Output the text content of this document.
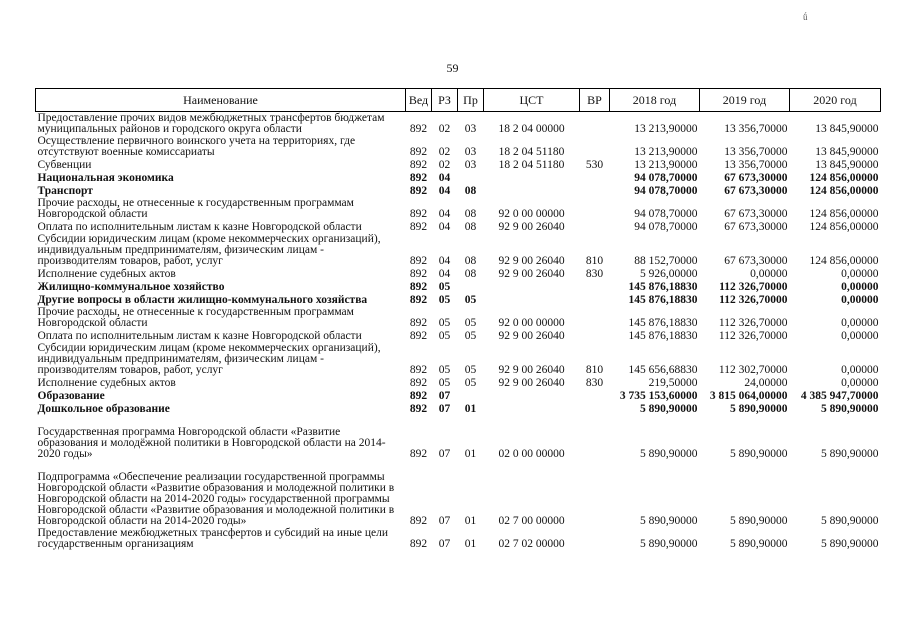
ǘ
59
Наименование	Вед	РЗ	Пр	ЦСТ	ВР	2018 год	2019 год	2020 год
Предоставление прочих видов межбюджетных трансфертов бюджетам муниципальных районов и городского округа области	892	02	03	18 2 04 00000		13 213,90000	13 356,70000	13 845,90000
Осуществление первичного воинского учета на территориях, где отсутствуют военные комиссариаты	892	02	03	18 2 04 51180		13 213,90000	13 356,70000	13 845,90000
Субвенции	892	02	03	18 2 04 51180	530	13 213,90000	13 356,70000	13 845,90000
Национальная экономика	892	04				94 078,70000	67 673,30000	124 856,00000
Транспорт	892	04	08			94 078,70000	67 673,30000	124 856,00000
Прочие расходы, не отнесенные к государственным программам Новгородской области	892	04	08	92 0 00 00000		94 078,70000	67 673,30000	124 856,00000
Оплата по исполнительным листам к казне Новгородской области	892	04	08	92 9 00 26040		94 078,70000	67 673,30000	124 856,00000
Субсидии юридическим лицам (кроме некоммерческих организаций), индивидуальным предпринимателям, физическим лицам - производителям товаров, работ, услуг	892	04	08	92 9 00 26040	810	88 152,70000	67 673,30000	124 856,00000
Исполнение судебных актов	892	04	08	92 9 00 26040	830	5 926,00000	0,00000	0,00000
Жилищно-коммунальное хозяйство	892	05				145 876,18830	112 326,70000	0,00000
Другие вопросы в области жилищно-коммунального хозяйства	892	05	05			145 876,18830	112 326,70000	0,00000
Прочие расходы, не отнесенные к государственным программам Новгородской области	892	05	05	92 0 00 00000		145 876,18830	112 326,70000	0,00000
Оплата по исполнительным листам к казне Новгородской области	892	05	05	92 9 00 26040		145 876,18830	112 326,70000	0,00000
Субсидии юридическим лицам (кроме некоммерческих организаций), индивидуальным предпринимателям, физическим лицам - производителям товаров, работ, услуг	892	05	05	92 9 00 26040	810	145 656,68830	112 302,70000	0,00000
Исполнение судебных актов	892	05	05	92 9 00 26040	830	219,50000	24,00000	0,00000
Образование	892	07				3 735 153,60000	3 815 064,00000	4 385 947,70000
Дошкольное образование	892	07	01			5 890,90000	5 890,90000	5 890,90000
Государственная программа Новгородской области «Развитие образования и молодёжной политики в Новгородской области на 2014-2020 годы»	892	07	01	02 0 00 00000		5 890,90000	5 890,90000	5 890,90000
Подпрограмма «Обеспечение реализации государственной программы Новгородской области «Развитие образования и молодежной политики в Новгородской области на 2014-2020 годы» государственной программы Новгородской области «Развитие образования и молодежной политики в Новгородской области на 2014-2020 годы»	892	07	01	02 7 00 00000		5 890,90000	5 890,90000	5 890,90000
Предоставление межбюджетных трансфертов и субсидий на иные цели государственным организациям	892	07	01	02 7 02 00000		5 890,90000	5 890,90000	5 890,90000
